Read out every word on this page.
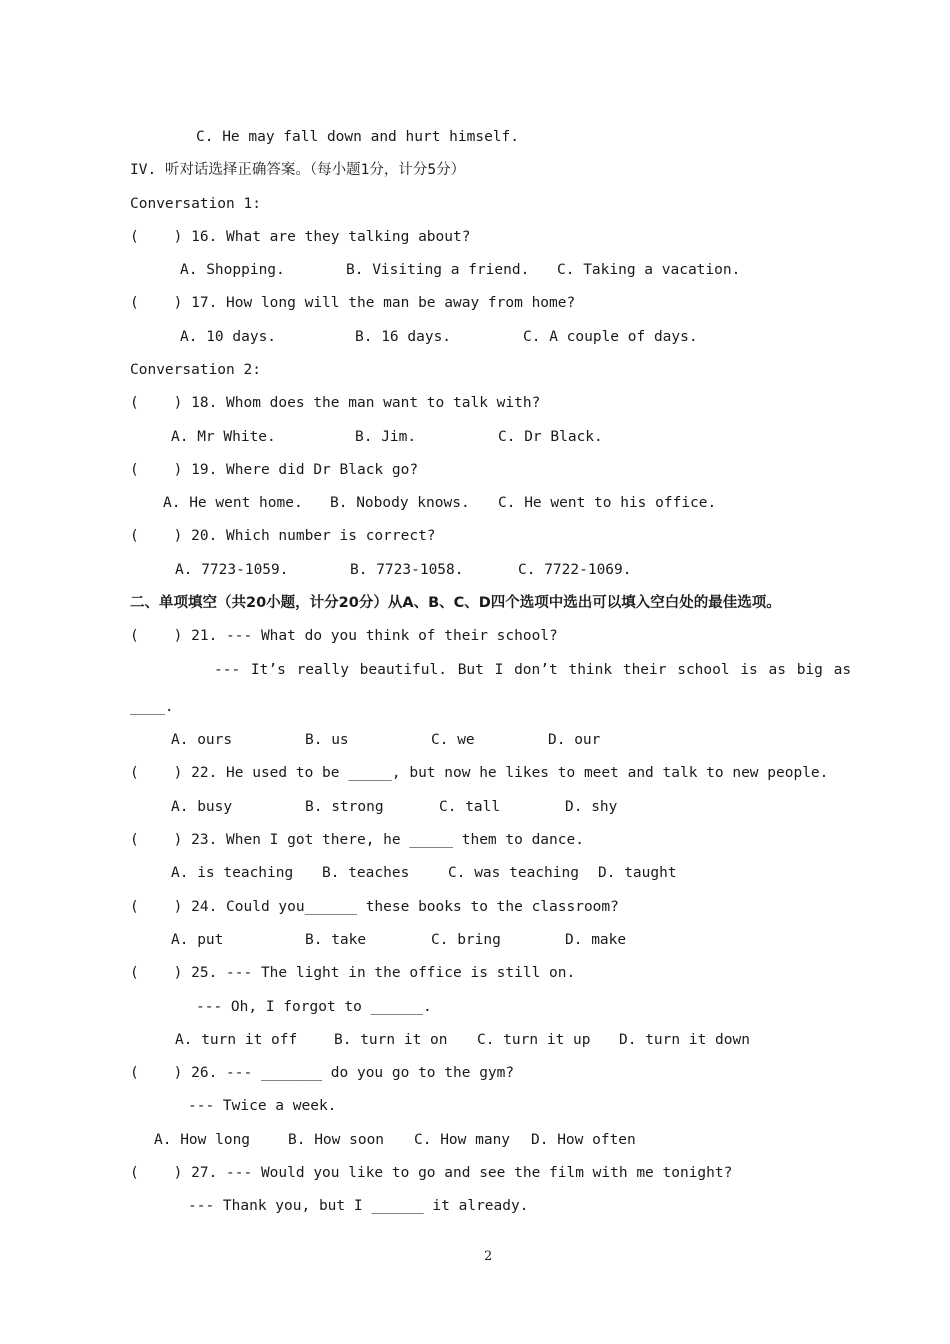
C. He may fall down and hurt himself.
IV. 听对话选择正确答案。（每小题1分，计分5分）
Conversation 1:
(    ) 16. What are they talking about?

A. Shopping.

	B. Visiting a friend.

C. Taking a vacation.

(    ) 17. How long will the man be away from home?

A. 10 days.

	B. 16 days.

	C. A couple of days.

Conversation 2:
(    ) 18. Whom does the man want to talk with?

A. Mr White.

	B. Jim.

	C. Dr Black.

(    ) 19. Where did Dr Black go?

A. He went home.

B. Nobody knows.

C. He went to his office.

(    ) 20. Which number is correct?

A. 7723-1059.

	B. 7723-1058.

	C. 7722-1069.

二、单项填空（共20小题，计分20分）从A、B、C、D四个选项中选出可以填入空白处的最佳选项。
(    ) 21. --- What do you think of their school?
--- It’s really beautiful. But I don’t think their school is as big as
____.

A. ours

	B. us

	C. we

	D. our

(    ) 22. He used to be _____, but now he likes to meet and talk to new people.

A. busy

	B. strong

	C. tall

	D. shy

(    ) 23. When I got there, he _____ them to dance.

A. is teaching

B. teaches

	C. was teaching

D. taught

(    ) 24. Could you______ these books to the classroom?

A. put

	B. take

	C. bring

	D. make

(    ) 25. --- The light in the office is still on.
--- Oh, I forgot to ______.

A. turn it off

	B. turn it on

C. turn it up

D. turn it down

(    ) 26. --- _______ do you go to the gym?
--- Twice a week.

A. How long

	B. How soon

C. How many

D. How often

(    ) 27. --- Would you like to go and see the film with me tonight?
--- Thank you, but I ______ it already.
2
